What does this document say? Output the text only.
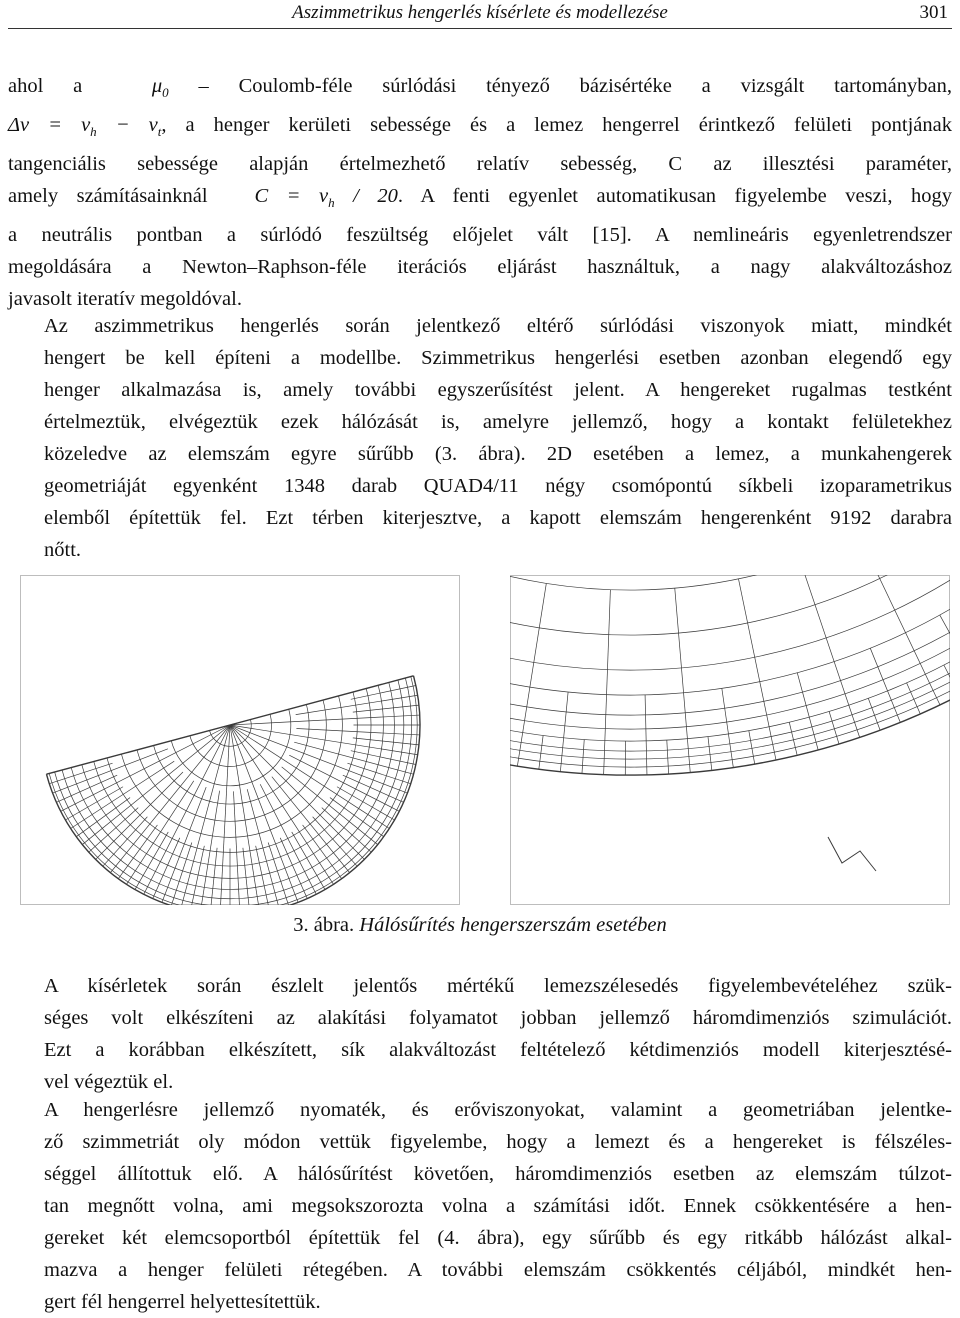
Aszimmetrikus hengerlés kísérlete és modellezése	301
ahol a	$\mu_0$ – Coulomb-féle súrlódási tényező bázisértéke a vizsgált tartományban,
$\Delta\nu = v_h - v_t$, a henger kerületi sebessége és a lemez hengerrel érintkező felületi pontjának
tangenciális sebessége alapján értelmezhető relatív sebesség, C az illesztési paraméter,
amely számításainknál $C = v_h / 20$. A fenti egyenlet automatikusan figyelembe veszi, hogy
a neutrális pontban a súrlódó feszültség előjelet vált [15]. A nemlineáris egyenletrendszer
megoldására a Newton–Raphson-féle iterációs eljárást használtuk, a nagy alakváltozáshoz
javasolt iteratív megoldóval.
Az aszimmetrikus hengerlés során jelentkező eltérő súrlódási viszonyok miatt, mindkét
hengert be kell építeni a modellbe. Szimmetrikus hengerlési esetben azonban elegendő egy
henger alkalmazása is, amely további egyszerűsítést jelent. A hengereket rugalmas testként
értelmeztük, elvégeztük ezek hálózását is, amelyre jellemző, hogy a kontakt felületekhez
közeledve az elemszám egyre sűrűbb (3. ábra). 2D esetében a lemez, a munkahengerek
geometriáját egyenként 1348 darab QUAD4/11 négy csomópontú síkbeli izoparametrikus
elemből építettük fel. Ezt térben kiterjesztve, a kapott elemszám hengerenként 9192 darabra
nőtt.
3. ábra. Hálósűrítés hengerszerszám esetében
A kísérletek során észlelt jelentős mértékű lemezszélesedés figyelembevételéhez szük-
séges volt elkészíteni az alakítási folyamatot jobban jellemző háromdimenziós szimulációt.
Ezt a korábban elkészített, sík alakváltozást feltételező kétdimenziós modell kiterjesztésé-
vel végeztük el.
A hengerlésre jellemző nyomaték, és erőviszonyokat, valamint a geometriában jelentke-
ző szimmetriát oly módon vettük figyelembe, hogy a lemezt és a hengereket is félszéles-
séggel állítottuk elő. A hálósűrítést követően, háromdimenziós esetben az elemszám túlzot-
tan megnőtt volna, ami megsokszorozta volna a számítási időt. Ennek csökkentésére a hen-
gereket két elemcsoportból építettük fel (4. ábra), egy sűrűbb és egy ritkább hálózást alkal-
mazva a henger felületi rétegében. A további elemszám csökkentés céljából, mindkét hen-
gert fél hengerrel helyettesítettük.
